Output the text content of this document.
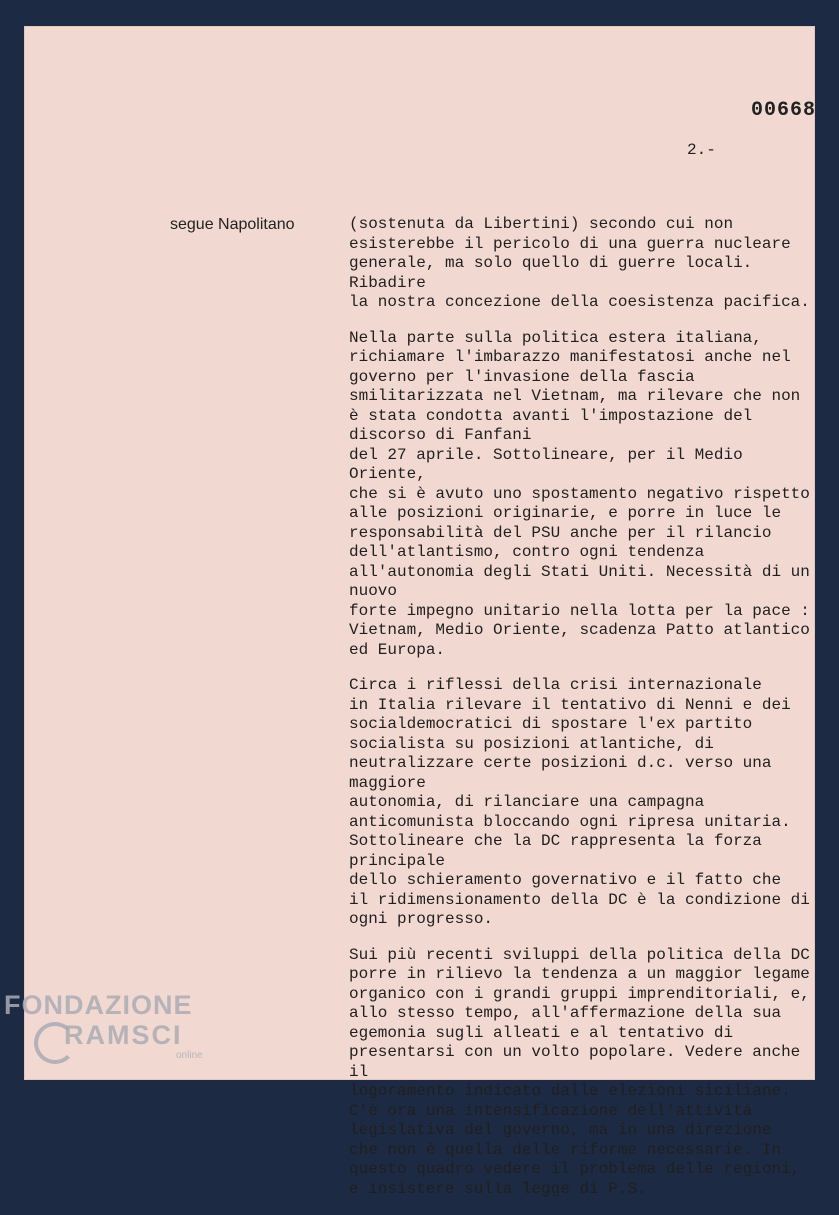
00668
2.-
segue Napolitano	(sostenuta da Libertini) secondo cui non esisterebbe il pericolo di una guerra nucleare
generale, ma solo quello di guerre locali. Ribadire
la nostra concezione della coesistenza pacifica.

Nella parte sulla politica estera italiana, richiamare l'imbarazzo manifestatosi anche nel governo per l'invasione della fascia smilitarizzata nel Vietnam, ma rilevare che non è stata condotta avanti l'impostazione del discorso di Fanfani
del 27 aprile. Sottolineare, per il Medio Oriente,
che si è avuto uno spostamento negativo rispetto
alle posizioni originarie, e porre in luce le
responsabilità del PSU anche per il rilancio
dell'atlantismo, contro ogni tendenza all'autonomia degli Stati Uniti. Necessità di un nuovo
forte impegno unitario nella lotta per la pace :
Vietnam, Medio Oriente, scadenza Patto atlantico
ed Europa.

Circa i riflessi della crisi internazionale
in Italia rilevare il tentativo di Nenni e dei
socialdemocratici di spostare l'ex partito socialista su posizioni atlantiche, di neutralizzare certe posizioni d.c. verso una maggiore
autonomia, di rilanciare una campagna anticomunista bloccando ogni ripresa unitaria. Sottolineare che la DC rappresenta la forza principale
dello schieramento governativo e il fatto che
il ridimensionamento della DC è la condizione di ogni progresso.

Sui più recenti sviluppi della politica della DC
porre in rilievo la tendenza a un maggior legame
organico con i grandi gruppi imprenditoriali, e,
allo stesso tempo, all'affermazione della sua
egemonia sugli alleati e al tentativo di presentarsi con un volto popolare. Vedere anche il
logoramento indicato dalle elezioni siciliane.
C'è ora una intensificazione dell'attività
legislativa del governo, ma in una direzione
che non è quella delle riforme necessarie. In
questo quadro vedere il problema delle regioni,
e insistere sulla legge di P.S.

FONDAZIONE
RAMSCI
online
